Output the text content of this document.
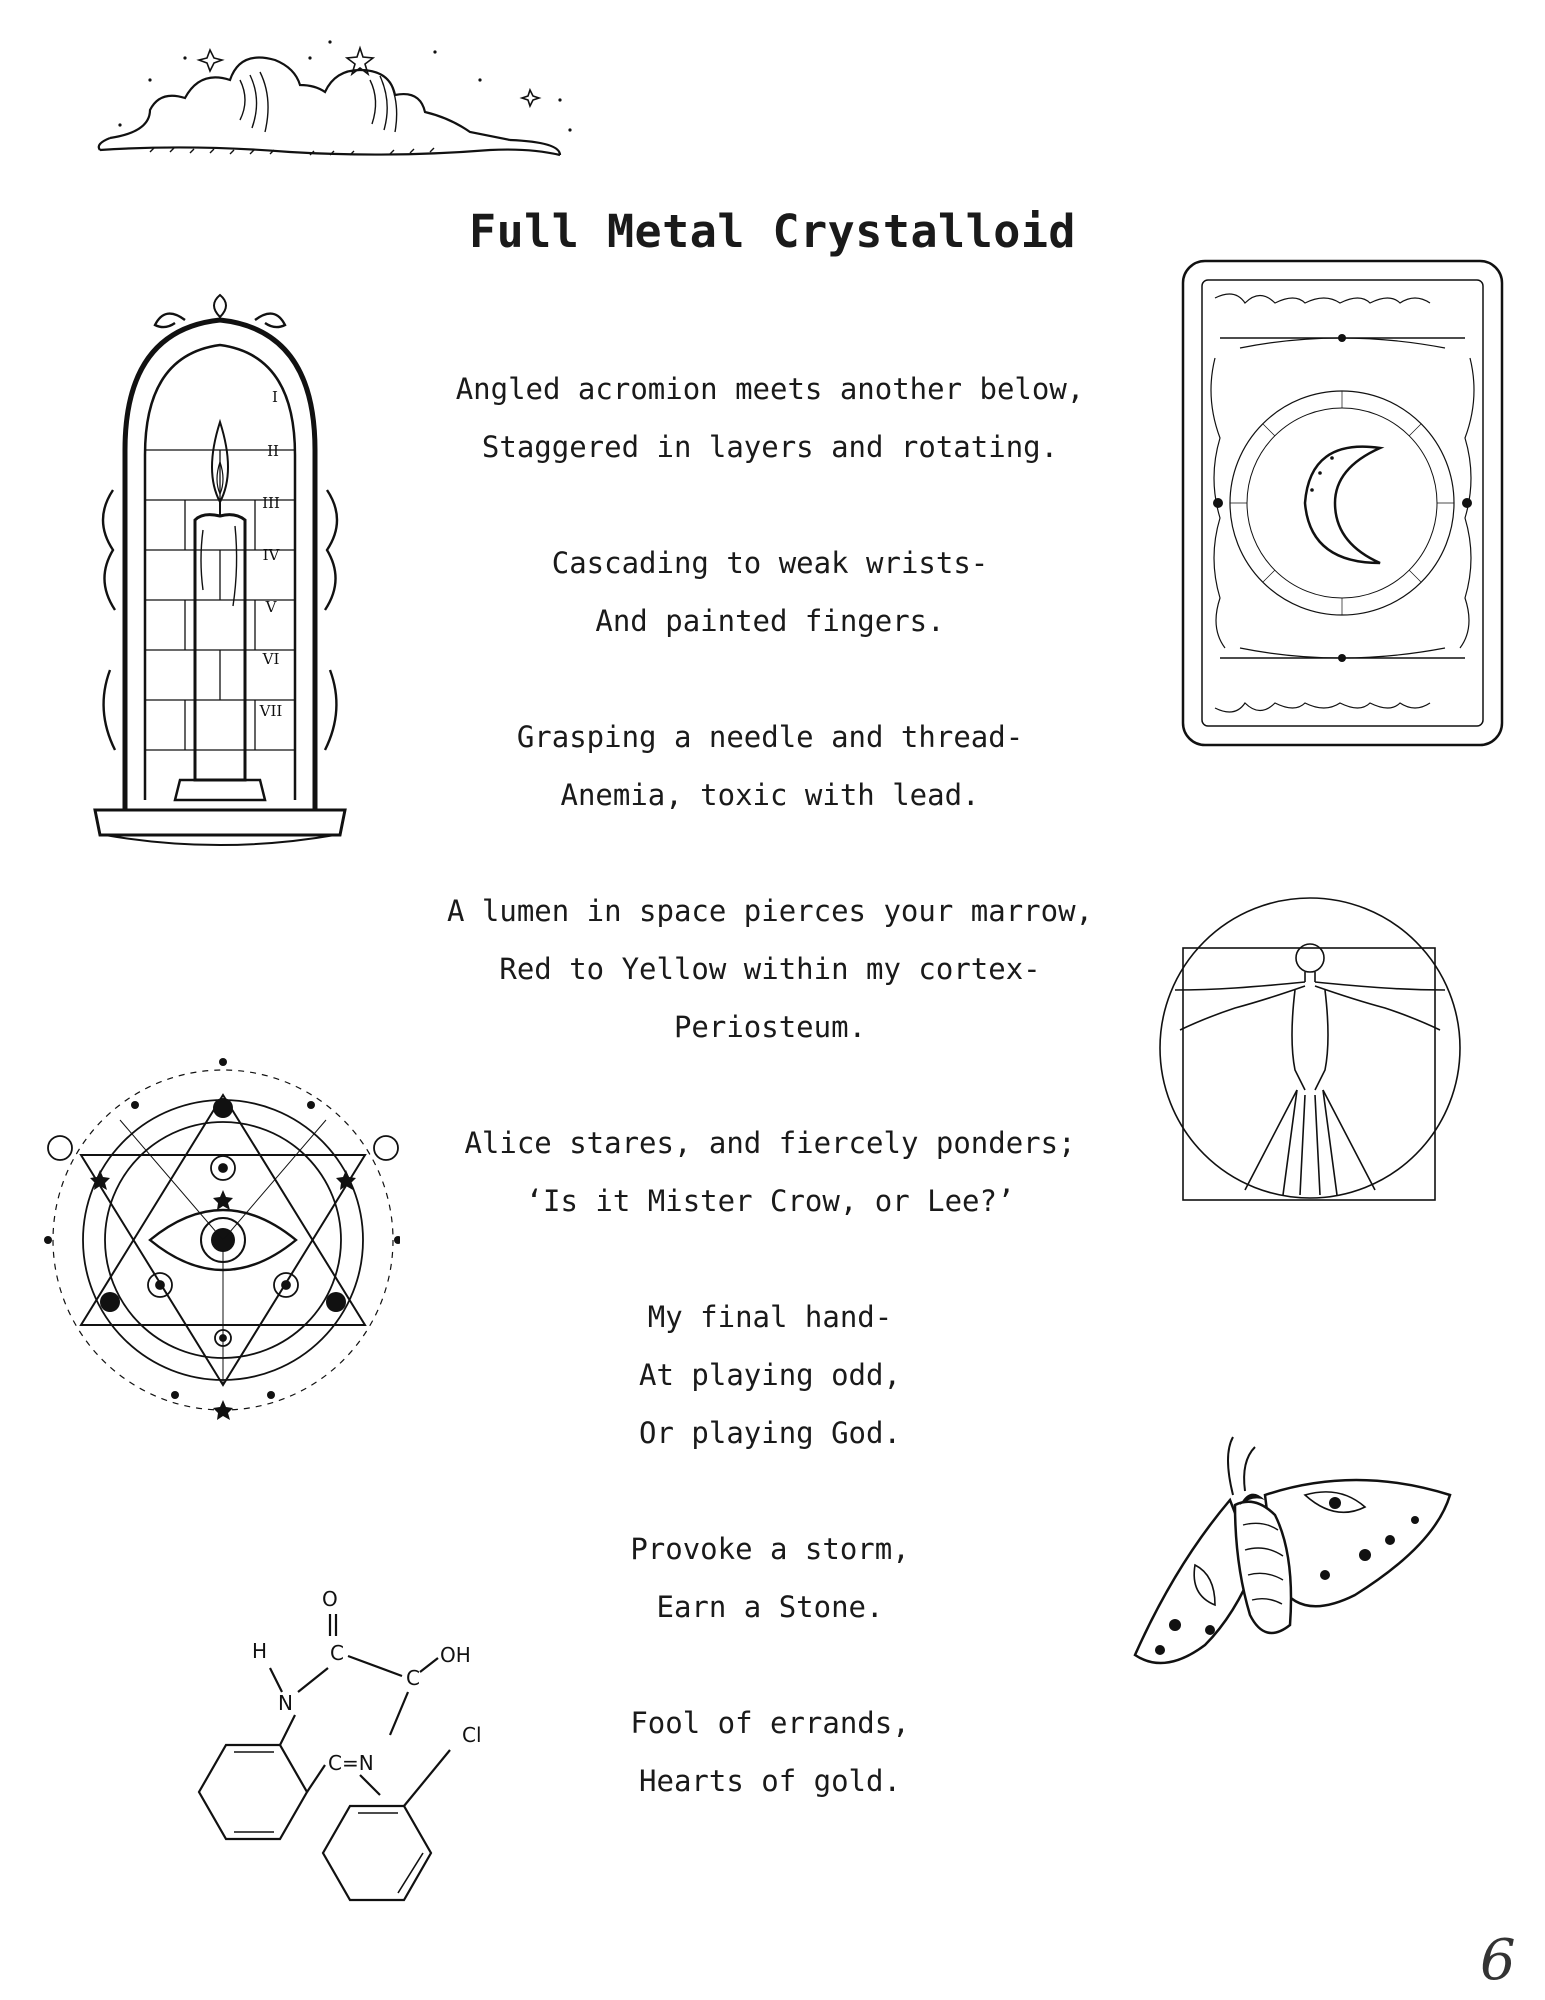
Full Metal Crystalloid
I
II
III
IV
V
VI
VII
O
H
N
C
C
OH
C=N
Cl
Angled acromion meets another below,
Staggered in layers and rotating.
Cascading to weak wrists-
And painted fingers.
Grasping a needle and thread-
Anemia, toxic with lead.
A lumen in space pierces your marrow,
Red to Yellow within my cortex-
Periosteum.
Alice stares, and fiercely ponders;
‘Is it Mister Crow, or Lee?’
My final hand-
At playing odd,
Or playing God.
Provoke a storm,
Earn a Stone.
Fool of errands,
Hearts of gold.
6
